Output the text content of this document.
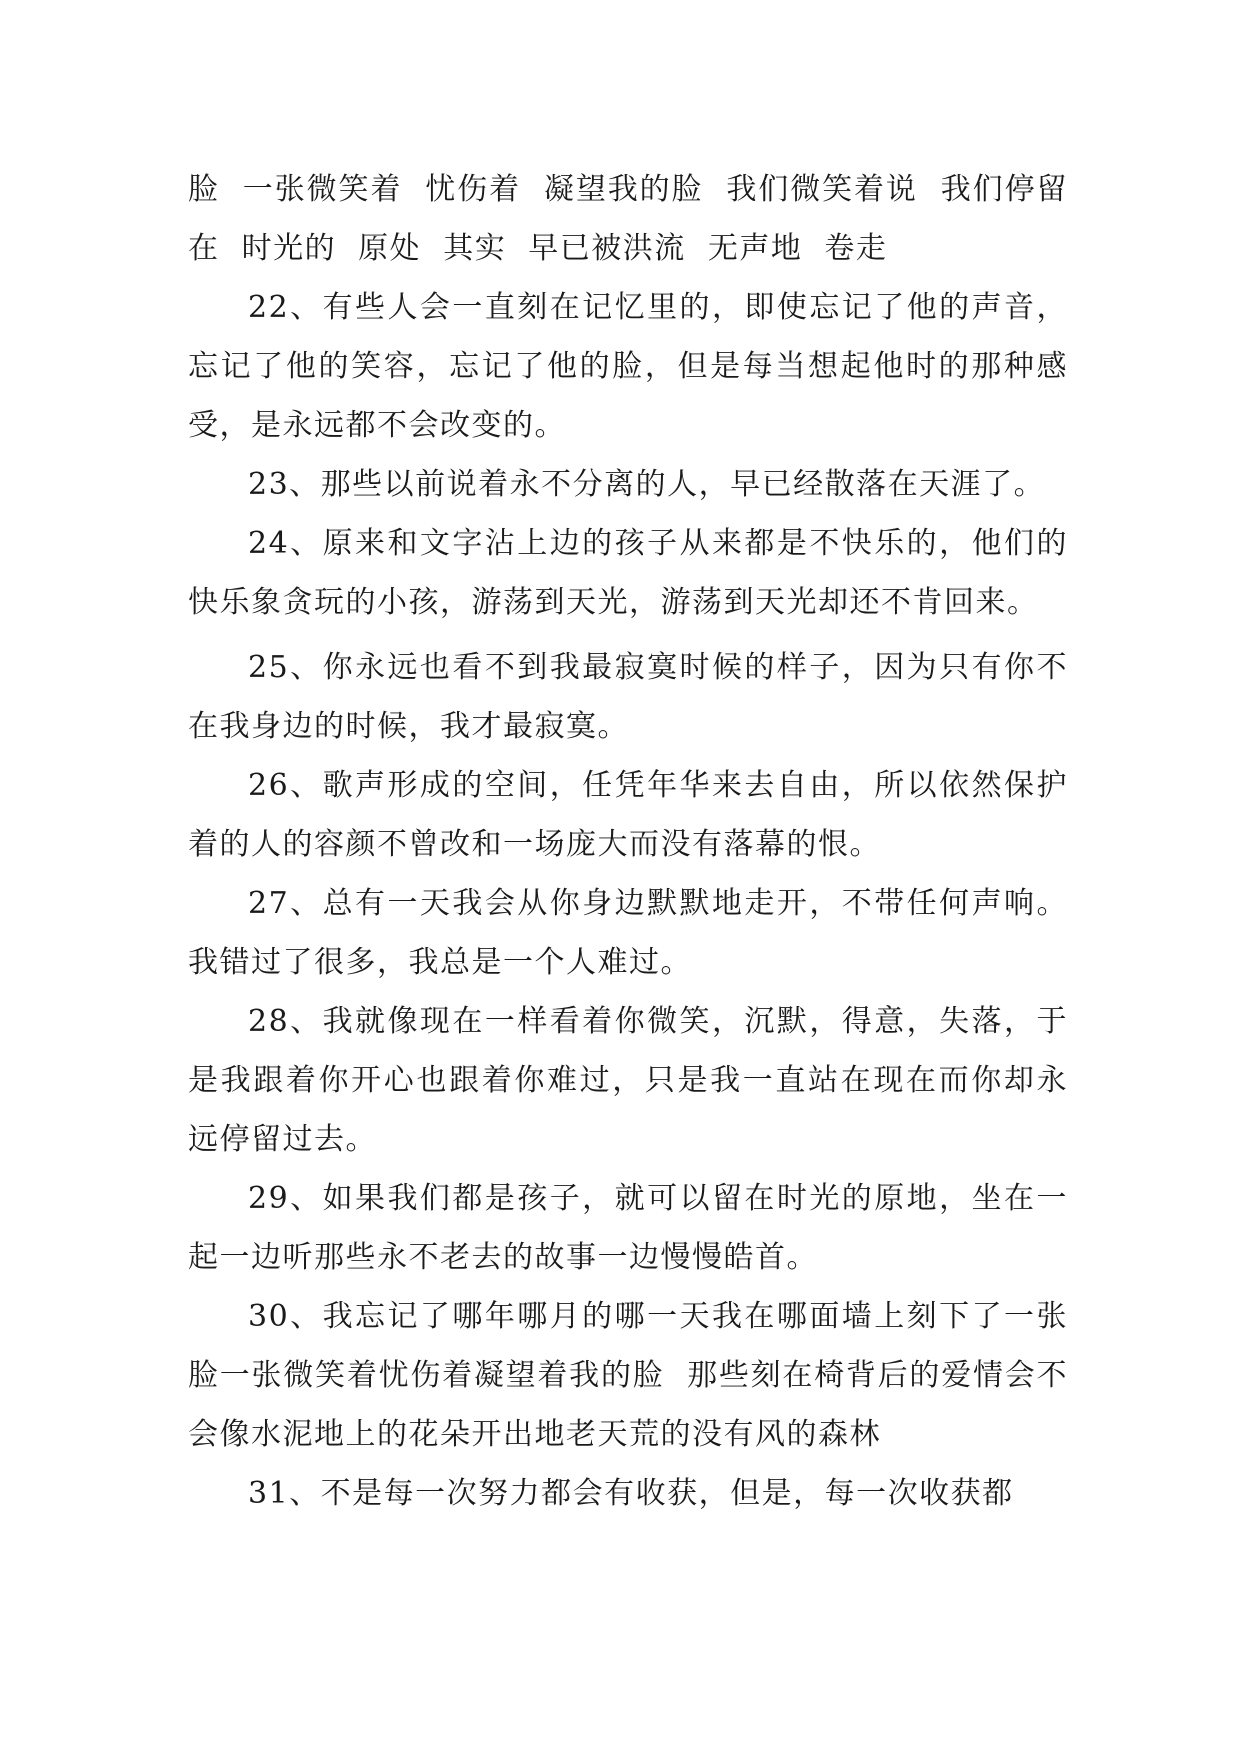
脸  一张微笑着  忧伤着  凝望我的脸  我们微笑着说  我们停留在  时光的  原处  其实  早已被洪流  无声地  卷走

22、有些人会一直刻在记忆里的，即使忘记了他的声音，忘记了他的笑容，忘记了他的脸，但是每当想起他时的那种感受，是永远都不会改变的。

23、那些以前说着永不分离的人，早已经散落在天涯了。

24、原来和文字沾上边的孩子从来都是不快乐的，他们的快乐象贪玩的小孩，游荡到天光，游荡到天光却还不肯回来。

25、你永远也看不到我最寂寞时候的样子，因为只有你不在我身边的时候，我才最寂寞。

26、歌声形成的空间，任凭年华来去自由，所以依然保护着的人的容颜不曾改和一场庞大而没有落幕的恨。

27、总有一天我会从你身边默默地走开，不带任何声响。我错过了很多，我总是一个人难过。

28、我就像现在一样看着你微笑，沉默，得意，失落，于是我跟着你开心也跟着你难过，只是我一直站在现在而你却永远停留过去。

29、如果我们都是孩子，就可以留在时光的原地，坐在一起一边听那些永不老去的故事一边慢慢皓首。

30、我忘记了哪年哪月的哪一天我在哪面墙上刻下了一张脸一张微笑着忧伤着凝望着我的脸  那些刻在椅背后的爱情会不会像水泥地上的花朵开出地老天荒的没有风的森林

31、不是每一次努力都会有收获，但是，每一次收获都
